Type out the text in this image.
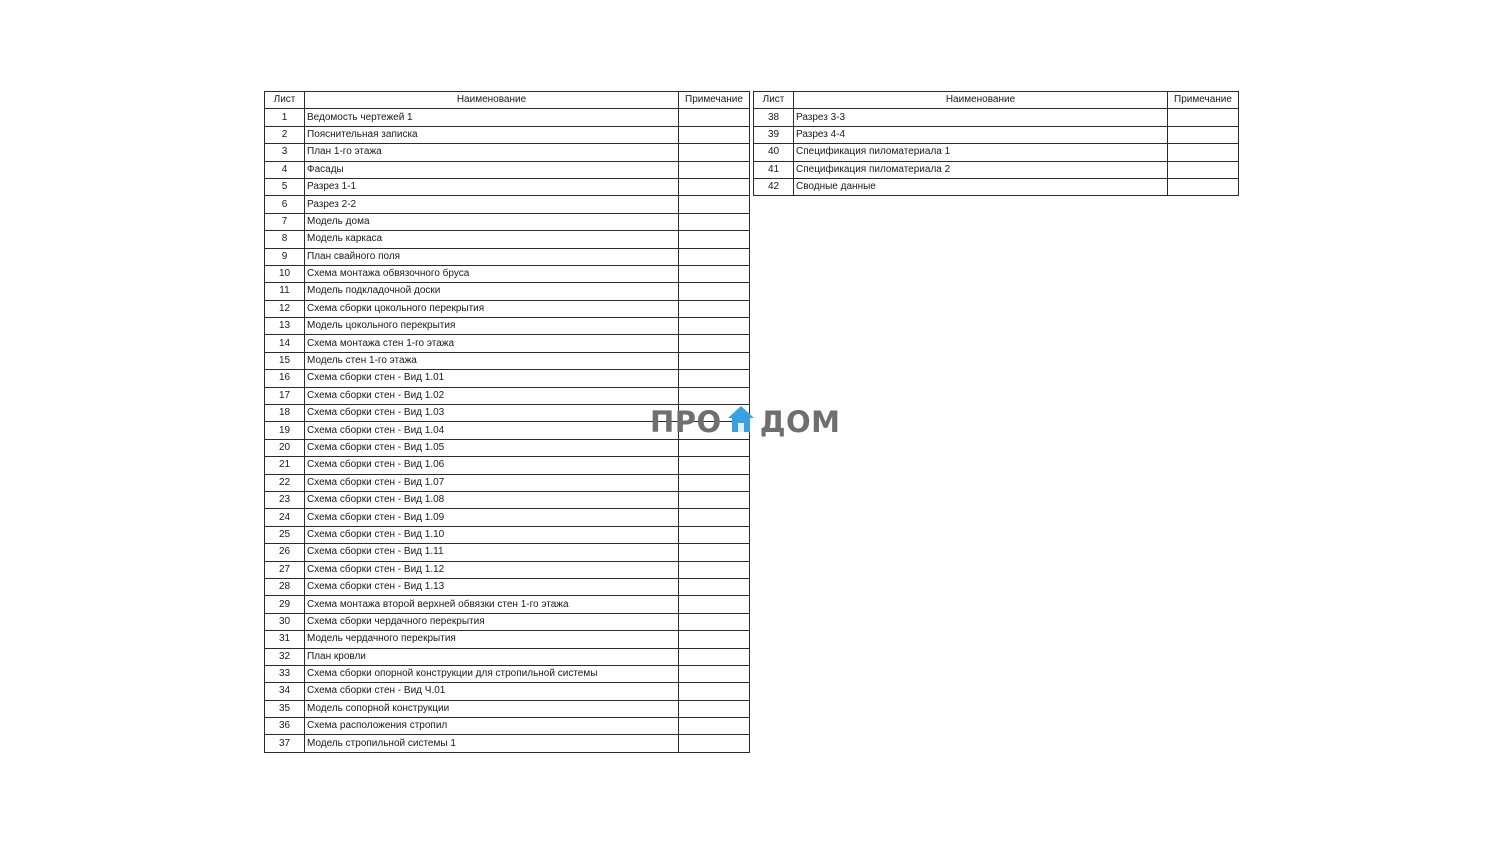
Лист	Наименование	Примечание
1	Ведомость чертежей 1	
2	Пояснительная записка	
3	План 1-го этажа	
4	Фасады	
5	Разрез 1-1	
6	Разрез 2-2	
7	Модель дома	
8	Модель каркаса	
9	План свайного поля	
10	Схема монтажа обвязочного бруса	
11	Модель подкладочной доски	
12	Схема сборки цокольного перекрытия	
13	Модель цокольного перекрытия	
14	Схема монтажа стен 1-го этажа	
15	Модель стен 1-го этажа	
16	Схема сборки стен - Вид 1.01	
17	Схема сборки стен - Вид 1.02	
18	Схема сборки стен - Вид 1.03	
19	Схема сборки стен - Вид 1.04	
20	Схема сборки стен - Вид 1.05	
21	Схема сборки стен - Вид 1.06	
22	Схема сборки стен - Вид 1.07	
23	Схема сборки стен - Вид 1.08	
24	Схема сборки стен - Вид 1.09	
25	Схема сборки стен - Вид 1.10	
26	Схема сборки стен - Вид 1.11	
27	Схема сборки стен - Вид 1.12	
28	Схема сборки стен - Вид 1.13	
29	Схема монтажа второй верхней обвязки стен 1-го этажа	
30	Схема сборки чердачного перекрытия	
31	Модель чердачного перекрытия	
32	План кровли	
33	Схема сборки опорной конструкции для стропильной системы	
34	Схема сборки стен - Вид Ч.01	
35	Модель сопорной конструкции	
36	Схема расположения стропил	
37	Модель стропильной системы 1	
Лист	Наименование	Примечание
38	Разрез 3-3	
39	Разрез 4-4	
40	Спецификация пиломатериала 1	
41	Спецификация пиломатериала 2	
42	Сводные данные	
ПРО ДОМ
